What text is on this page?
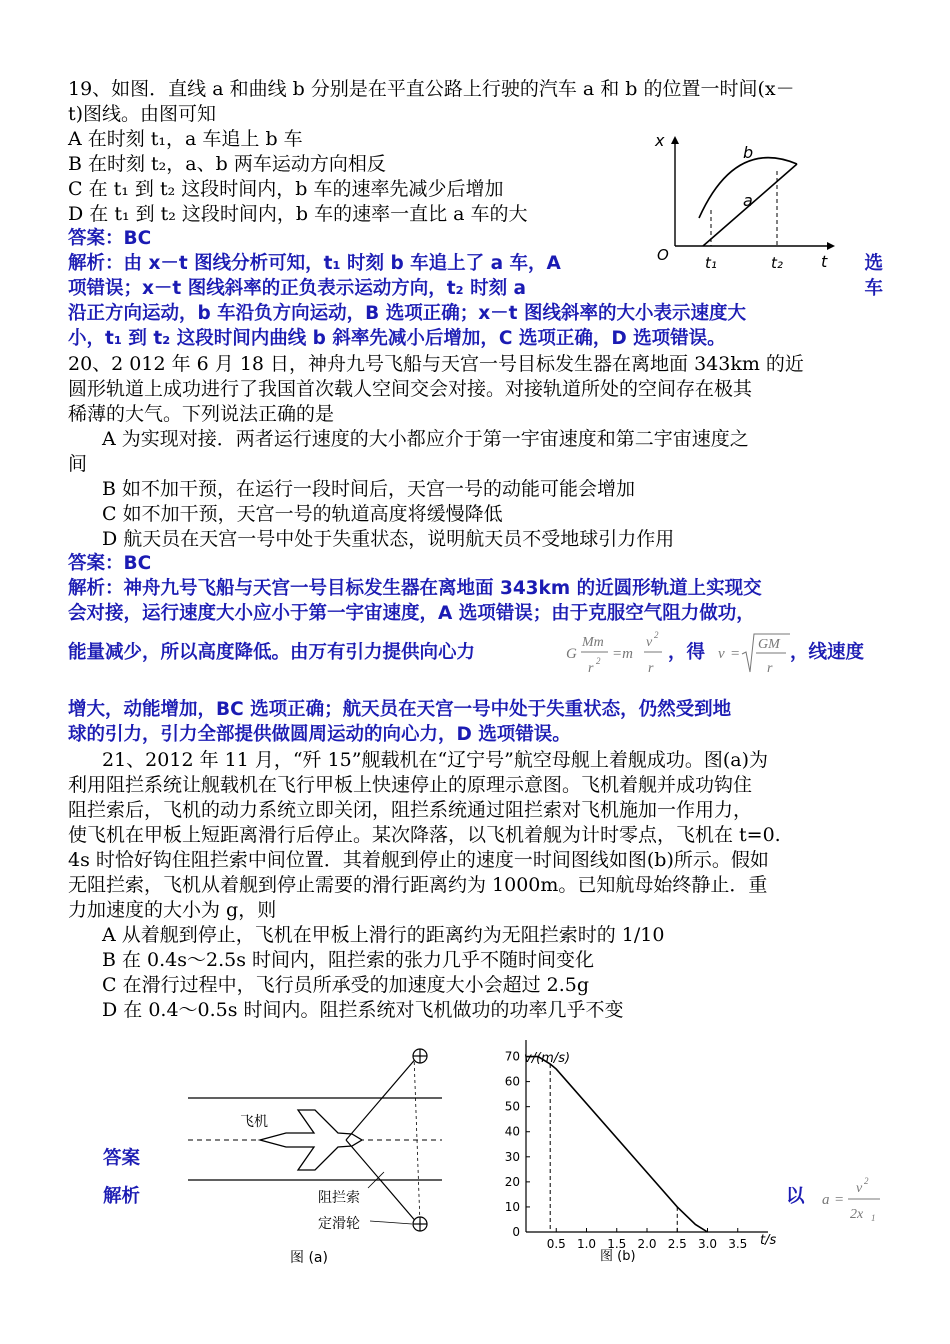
19、如图．直线 a 和曲线 b 分别是在平直公路上行驶的汽车 a 和 b 的位置一时间(x－

t)图线。由图可知

A 在时刻 t₁，a 车追上 b 车

B 在时刻 t₂，a、b 两车运动方向相反

C 在 t₁ 到 t₂ 这段时间内，b 车的速率先减少后增加

D 在 t₁ 到 t₂ 这段时间内，b 车的速率一直比 a 车的大

答案：BC

解析：由 x－t 图线分析可知，t₁ 时刻 b 车追上了 a 车，A	选

项错误；x－t 图线斜率的正负表示运动方向，t₂ 时刻 a	车

沿正方向运动，b 车沿负方向运动，B 选项正确；x－t 图线斜率的大小表示速度大

小，t₁ 到 t₂ 这段时间内曲线 b 斜率先减小后增加，C 选项正确，D 选项错误。

x
t
O
a
b
t₁	t₂

20、2 012 年 6 月 18 日，神舟九号飞船与天宫一号目标发生器在离地面 343km 的近

圆形轨道上成功进行了我国首次载人空间交会对接。对接轨道所处的空间存在极其

稀薄的大气。下列说法正确的是

A 为实现对接．两者运行速度的大小都应介于第一宇宙速度和第二宇宙速度之

间

B 如不加干预，在运行一段时间后，天宫一号的动能可能会增加

C 如不加干预，天宫一号的轨道高度将缓慢降低

D 航天员在天宫一号中处于失重状态，说明航天员不受地球引力作用

答案：BC

解析：神舟九号飞船与天宫一号目标发生器在离地面 343km 的近圆形轨道上实现交

会对接，运行速度大小应小于第一宇宙速度，A 选项错误；由于克服空气阻力做功，

能量减少，所以高度降低。由万有引力提供向心力	G
Mm
r 2 =m
v 2
r

，得 v =
GM
r

，线速度

增大，动能增加，BC 选项正确；航天员在天宫一号中处于失重状态，仍然受到地

球的引力，引力全部提供做圆周运动的向心力，D 选项错误。

21、2012 年 11 月，“歼 15”舰载机在“辽宁号”航空母舰上着舰成功。图(a)为

利用阻拦系统让舰载机在飞行甲板上快速停止的原理示意图。飞机着舰并成功钩住

阻拦索后，飞机的动力系统立即关闭，阻拦系统通过阻拦索对飞机施加一作用力，

使飞机在甲板上短距离滑行后停止。某次降落，以飞机着舰为计时零点，飞机在 t=0.

4s 时恰好钩住阻拦索中间位置．其着舰到停止的速度一时间图线如图(b)所示。假如

无阻拦索，飞机从着舰到停止需要的滑行距离约为 1000m。已知航母始终静止．重

力加速度的大小为 g，则

A 从着舰到停止，飞机在甲板上滑行的距离约为无阻拦索时的 1/10

B 在 0.4s～2.5s 时间内，阻拦索的张力几乎不随时间变化

C 在滑行过程中，飞行员所承受的加速度大小会超过 2.5g

D 在 0.4～0.5s 时间内。阻拦系统对飞机做功的功率几乎不变

答案

解析	以 a =
v 2
2x 1
飞机
阻拦索
定滑轮
图 (a)
v/(m/s)
t/s
图 (b)
0
10
20
30
40
50
60
70
0.5 1.0 1.5 2.0 2.5 3.0 3.5
